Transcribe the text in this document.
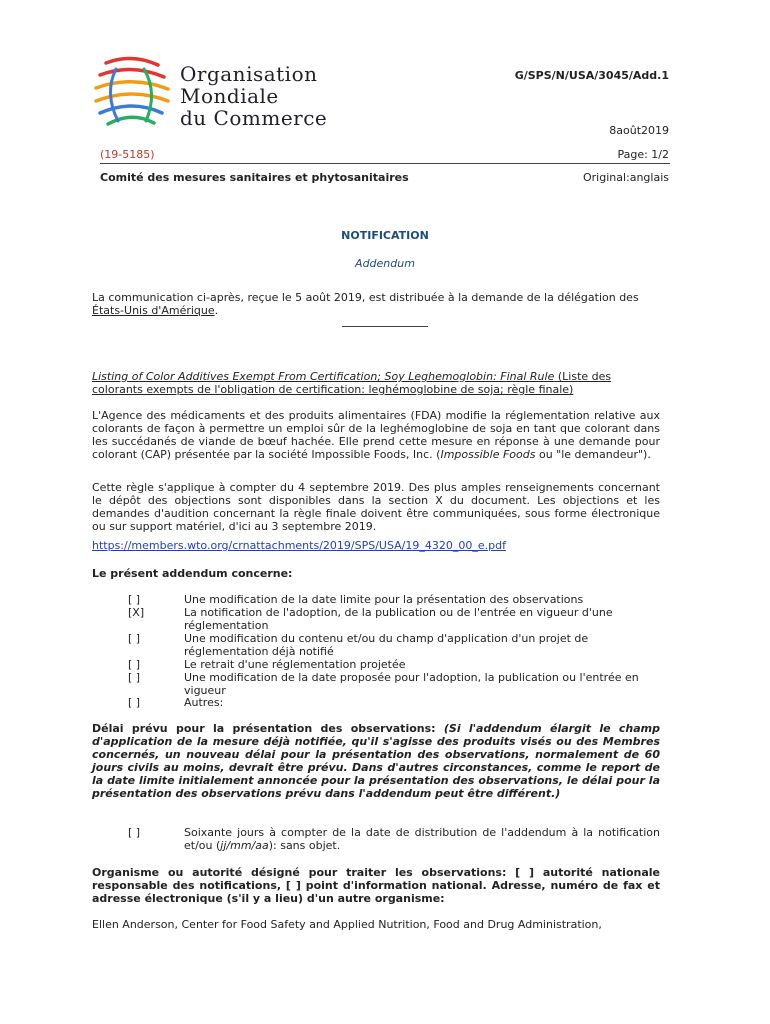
Organisation
Mondiale
du Commerce
G/SPS/N/USA/3045/Add.1
8août2019
(19-5185)	Page: 1/2
Comité des mesures sanitaires et phytosanitaires	Original:anglais
NOTIFICATION
Addendum
La communication ci-après, reçue le 5 août 2019, est distribuée à la demande de la délégation des États-Unis d'Amérique.
Listing of Color Additives Exempt From Certification; Soy Leghemoglobin: Final Rule (Liste des colorants exempts de l'obligation de certification: leghémoglobine de soja; règle finale)
L'Agence des médicaments et des produits alimentaires (FDA) modifie la réglementation relative aux colorants de façon à permettre un emploi sûr de la leghémoglobine de soja en tant que colorant dans les succédanés de viande de bœuf hachée. Elle prend cette mesure en réponse à une demande pour colorant (CAP) présentée par la société Impossible Foods, Inc. (Impossible Foods ou "le demandeur").
Cette règle s'applique à compter du 4 septembre 2019. Des plus amples renseignements concernant le dépôt des objections sont disponibles dans la section X du document. Les objections et les demandes d'audition concernant la règle finale doivent être communiquées, sous forme électronique ou sur support matériel, d'ici au 3 septembre 2019.
https://members.wto.org/crnattachments/2019/SPS/USA/19_4320_00_e.pdf
Le présent addendum concerne:
[ ]	Une modification de la date limite pour la présentation des observations
[X]	La notification de l'adoption, de la publication ou de l'entrée en vigueur d'une réglementation
[ ]	Une modification du contenu et/ou du champ d'application d'un projet de réglementation déjà notifié
[ ]	Le retrait d'une réglementation projetée
[ ]	Une modification de la date proposée pour l'adoption, la publication ou l'entrée en vigueur
[ ]	Autres:
Délai prévu pour la présentation des observations: (Si l'addendum élargit le champ d'application de la mesure déjà notifiée, qu'il s'agisse des produits visés ou des Membres concernés, un nouveau délai pour la présentation des observations, normalement de 60 jours civils au moins, devrait être prévu. Dans d'autres circonstances, comme le report de la date limite initialement annoncée pour la présentation des observations, le délai pour la présentation des observations prévu dans l'addendum peut être différent.)
[ ]	Soixante jours à compter de la date de distribution de l'addendum à la notification et/ou (jj/mm/aa): sans objet.
Organisme ou autorité désigné pour traiter les observations: [ ] autorité nationale responsable des notifications, [ ] point d'information national. Adresse, numéro de fax et adresse électronique (s'il y a lieu) d'un autre organisme:
Ellen Anderson, Center for Food Safety and Applied Nutrition, Food and Drug Administration,
